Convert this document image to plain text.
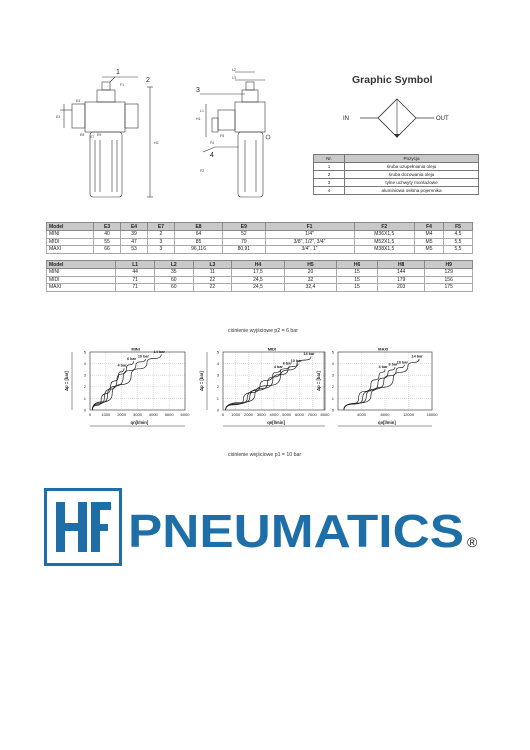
1
2
3
4
E3
E4
E7
E8	E9
F1
F2
F4
F5
H2
H1
L1
L2
L3	Graphic Symbol
IN	OUT
Nr.	Pozycja
1	śruba uzupełniania oleju
2	śruba dozowania oleju
3	tylne uchwyty montażowe
4	aluminiowa osłona pojemnika
Model	E3	E4	E7	E8	E9	F1	F2	F4	F5
MINI	40	39	2	64	52	1/4"	M36X1,5	M4	4,5
MIDI	55	47	3	85	79	3/8", 1/2", 3/4"	M52X1,5	M5	5,5
MAXI	66	53	3	96,116	80,91	3/4", 1"	M38X1,5	M5	5,5
Model	L1	L2	L3	H4	H5	H6	H8	H9
MINI	44	35	11	17,5	20	15	144	129
MIDI	71	60	22	24,5	32	15	179	156
MAXI	71	60	22	24,5	32,4	15	203	175
ciśnienie wyjściowe p2 = 6 bar
ciśnienie wejściowe p1 = 10 bar
MINI
0	1000 2000 3000 4000 5000 6000
0
1
2
3
4
5
qn[l/min]
Δp = [bar]
4 bar
6 bar
10 bar
14 bar
MIDI
0 1000 2000 3000 4000 5000 6000 7000 8000
0
1
2
3
4
5
qn[l/min]
Δp = [bar]
4 bar
6 bar
10 bar
14 bar
MAXI
4000	8000	12000	16000
0
1
2
3
4
5
qn[l/min]
Δp = [bar]
4 bar
6 bar
10 bar
14 bar
PNEUMATICS ®
